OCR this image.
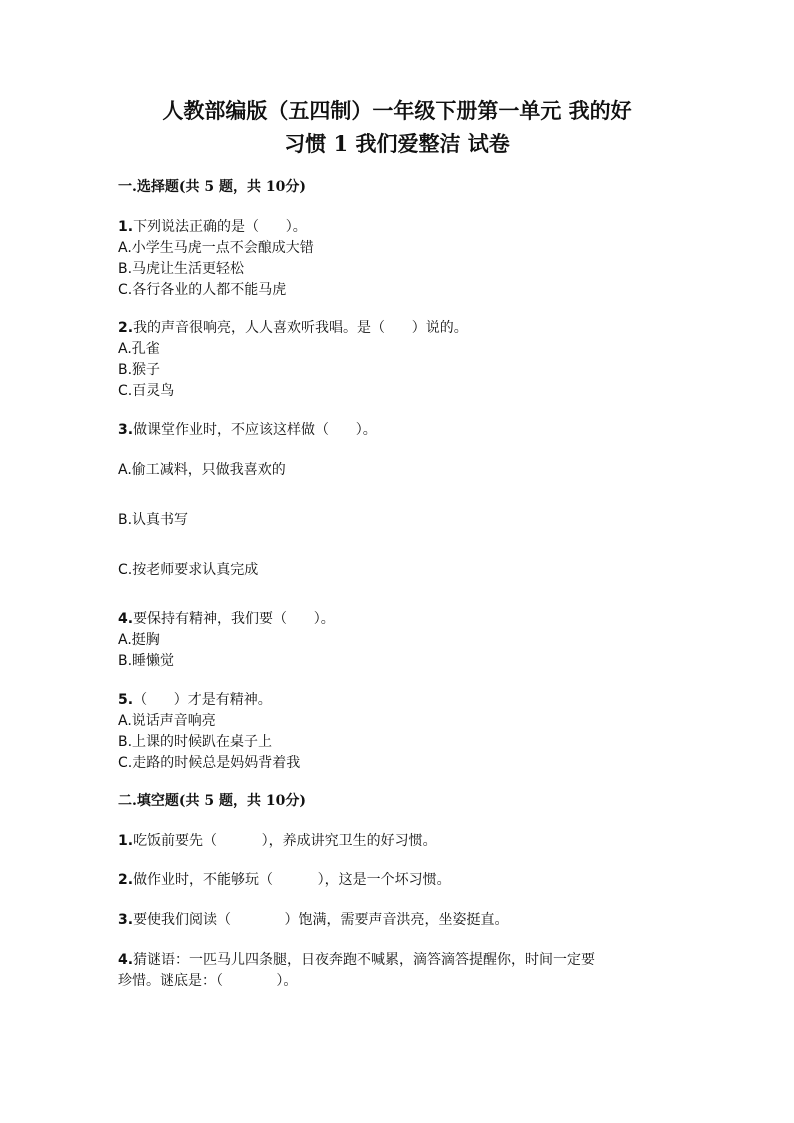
人教部编版（五四制）一年级下册第一单元 我的好
习惯 1 我们爱整洁 试卷
一.选择题(共 5 题，共 10分)

1.下列说法正确的是（      ）。

A.小学生马虎一点不会酿成大错

B.马虎让生活更轻松

C.各行各业的人都不能马虎

2.我的声音很响亮，人人喜欢听我唱。是（      ）说的。

A.孔雀

B.猴子

C.百灵鸟

3.做课堂作业时，不应该这样做（      ）。

A.偷工减料，只做我喜欢的

B.认真书写

C.按老师要求认真完成

4.要保持有精神，我们要（      ）。

A.挺胸

B.睡懒觉

5.（      ）才是有精神。

A.说话声音响亮

B.上课的时候趴在桌子上

C.走路的时候总是妈妈背着我

二.填空题(共 5 题，共 10分)

1.吃饭前要先（          ），养成讲究卫生的好习惯。

2.做作业时，不能够玩（          ），这是一个坏习惯。

3.要使我们阅读（            ）饱满，需要声音洪亮，坐姿挺直。

4.猜谜语：一匹马儿四条腿，日夜奔跑不喊累，滴答滴答提醒你，时间一定要

珍惜。谜底是：（            ）。
